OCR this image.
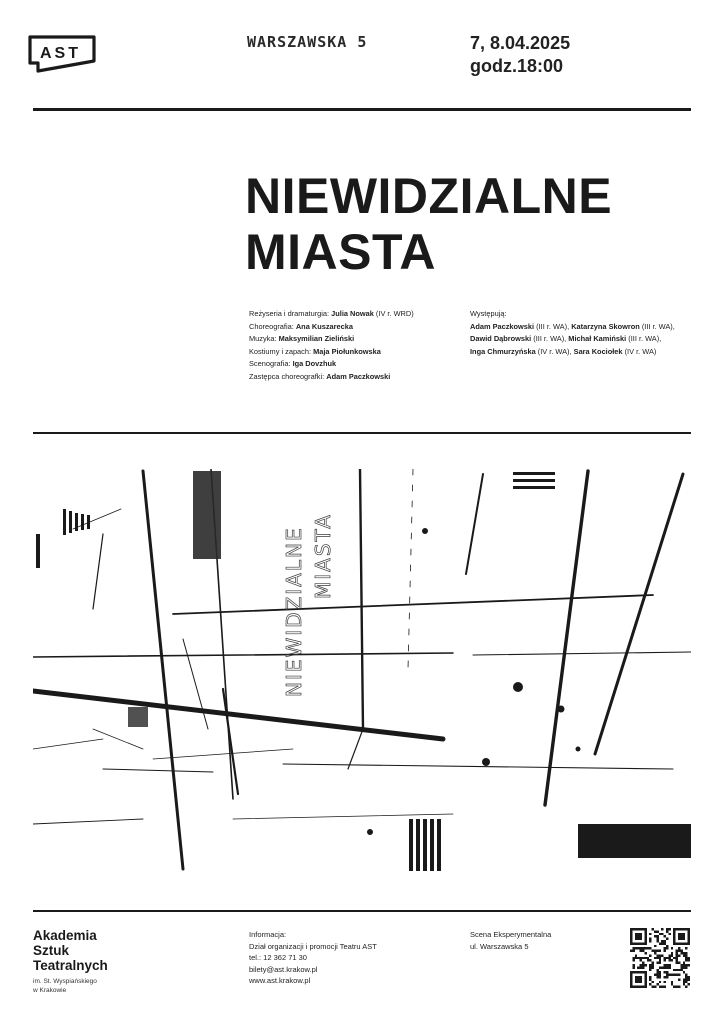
AST
WARSZAWSKA 5	7, 8.04.2025
godz.18:00
NIEWIDZIALNE
MIASTA
Reżyseria i dramaturgia: Julia Nowak (IV r. WRD)
Choreografia: Ana Kuszarecka
Muzyka: Maksymilian Zieliński
Kostiumy i zapach: Maja Piołunkowska
Scenografia: Iga Dovzhuk
Zastępca choreografki: Adam Paczkowski
Występują:
Adam Paczkowski (III r. WA), Katarzyna Skowron (III r. WA),
Dawid Dąbrowski (III r. WA), Michał Kamiński (III r. WA),
Inga Chmurzyńska (IV r. WA), Sara Kociołek (IV r. WA)
NIEWIDZIALNE MIASTA
Akademia
Sztuk
Teatralnych
im. St. Wyspiańskiego
w Krakowie
Informacja:
Dział organizacji i promocji Teatru AST
tel.: 12 362 71 30
bilety@ast.krakow.pl
www.ast.krakow.pl
Scena Eksperymentalna
ul. Warszawska 5
